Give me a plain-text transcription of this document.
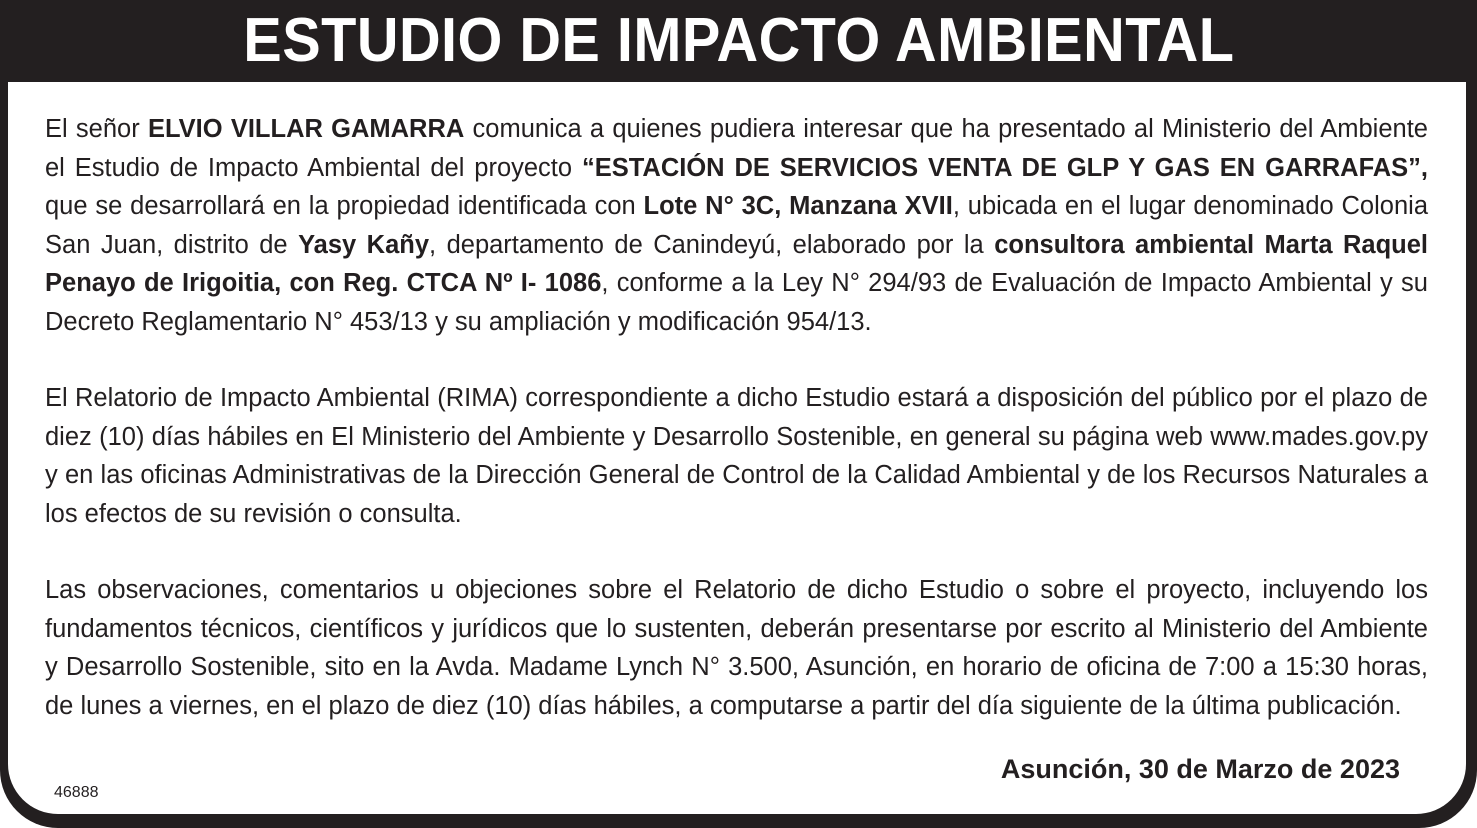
ESTUDIO DE IMPACTO AMBIENTAL

El señor ELVIO VILLAR GAMARRA comunica a quienes pudiera interesar que ha presentado al Ministerio del Ambiente el Estudio de Impacto Ambiental del proyecto “ESTACIÓN DE SERVICIOS VENTA DE GLP Y GAS EN GARRAFAS”, que se desarrollará en la propiedad identificada con Lote N° 3C, Manzana XVII, ubicada en el lugar denominado Colonia San Juan, distrito de Yasy Kañy, departamento de Canindeyú, elaborado por la consultora ambiental Marta Raquel Penayo de Irigoitia, con Reg. CTCA Nº I- 1086, conforme a la Ley N° 294/93 de Evaluación de Impacto Ambiental y su Decreto Reglamentario N° 453/13 y su ampliación y modificación 954/13.

El Relatorio de Impacto Ambiental (RIMA) correspondiente a dicho Estudio estará a disposición del público por el plazo de diez (10) días hábiles en El Ministerio del Ambiente y Desarrollo Sostenible, en general su página web www.mades.gov.py y en las oficinas Administrativas de la Dirección General de Control de la Calidad Ambiental y de los Recursos Naturales a los efectos de su revisión o consulta.

Las observaciones, comentarios u objeciones sobre el Relatorio de dicho Estudio o sobre el proyecto, incluyendo los fundamentos técnicos, científicos y jurídicos que lo sustenten, deberán presentarse por escrito al Ministerio del Ambiente y Desarrollo Sostenible, sito en la Avda. Madame Lynch N° 3.500, Asunción, en horario de oficina de 7:00 a 15:30 horas, de lunes a viernes, en el plazo de diez (10) días hábiles, a computarse a partir del día siguiente de la última publicación.

Asunción, 30 de Marzo de 2023
46888
